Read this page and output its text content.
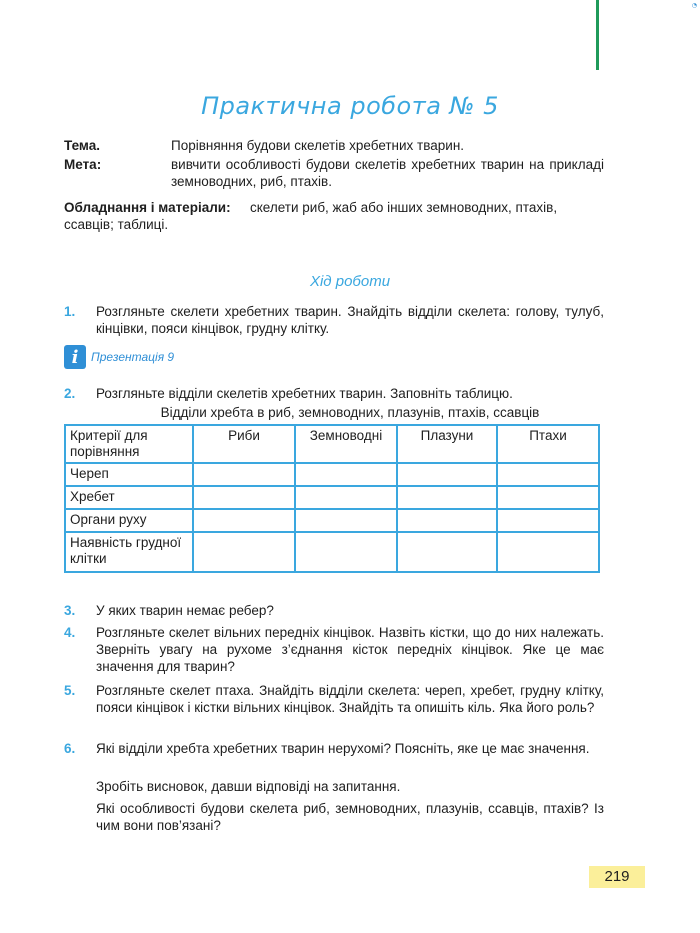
◔
Практична робота № 5
Тема.	Порівняння будови скелетів хребетних тварин.
Мета:	вивчити особливості будови скелетів хребетних тварин на прикладі земноводних, риб, птахів.
Обладнання і матеріали:	скелети риб, жаб або інших земноводних, птахів, ссавців; таблиці.
Хід роботи
1. Розгляньте скелети хребетних тварин. Знайдіть відділи скелета: голову, тулуб, кінцівки, пояси кінцівок, грудну клітку.
i	Презентація 9
2. Розгляньте відділи скелетів хребетних тварин. Заповніть таблицю.
Відділи хребта в риб, земноводних, плазунів, птахів, ссавців
Критерії для порівняння	Риби	Земноводні	Плазуни	Птахи
Череп				
Хребет				
Органи руху				
Наявність грудної клітки				
3. У яких тварин немає ребер?
4. Розгляньте скелет вільних передніх кінцівок. Назвіть кістки, що до них належать. Зверніть увагу на рухоме з’єднання кісток передніх кінцівок. Яке це має значення для тварин?
5. Розгляньте скелет птаха. Знайдіть відділи скелета: череп, хребет, грудну клітку, пояси кінцівок і кістки вільних кінцівок. Знайдіть та опишіть кіль. Яка його роль?
6. Які відділи хребта хребетних тварин нерухомі? Поясніть, яке це має значення.
Зробіть висновок, давши відповіді на запитання.
Які особливості будови скелета риб, земноводних, плазунів, ссавців, птахів? Із чим вони пов’язані?
219
